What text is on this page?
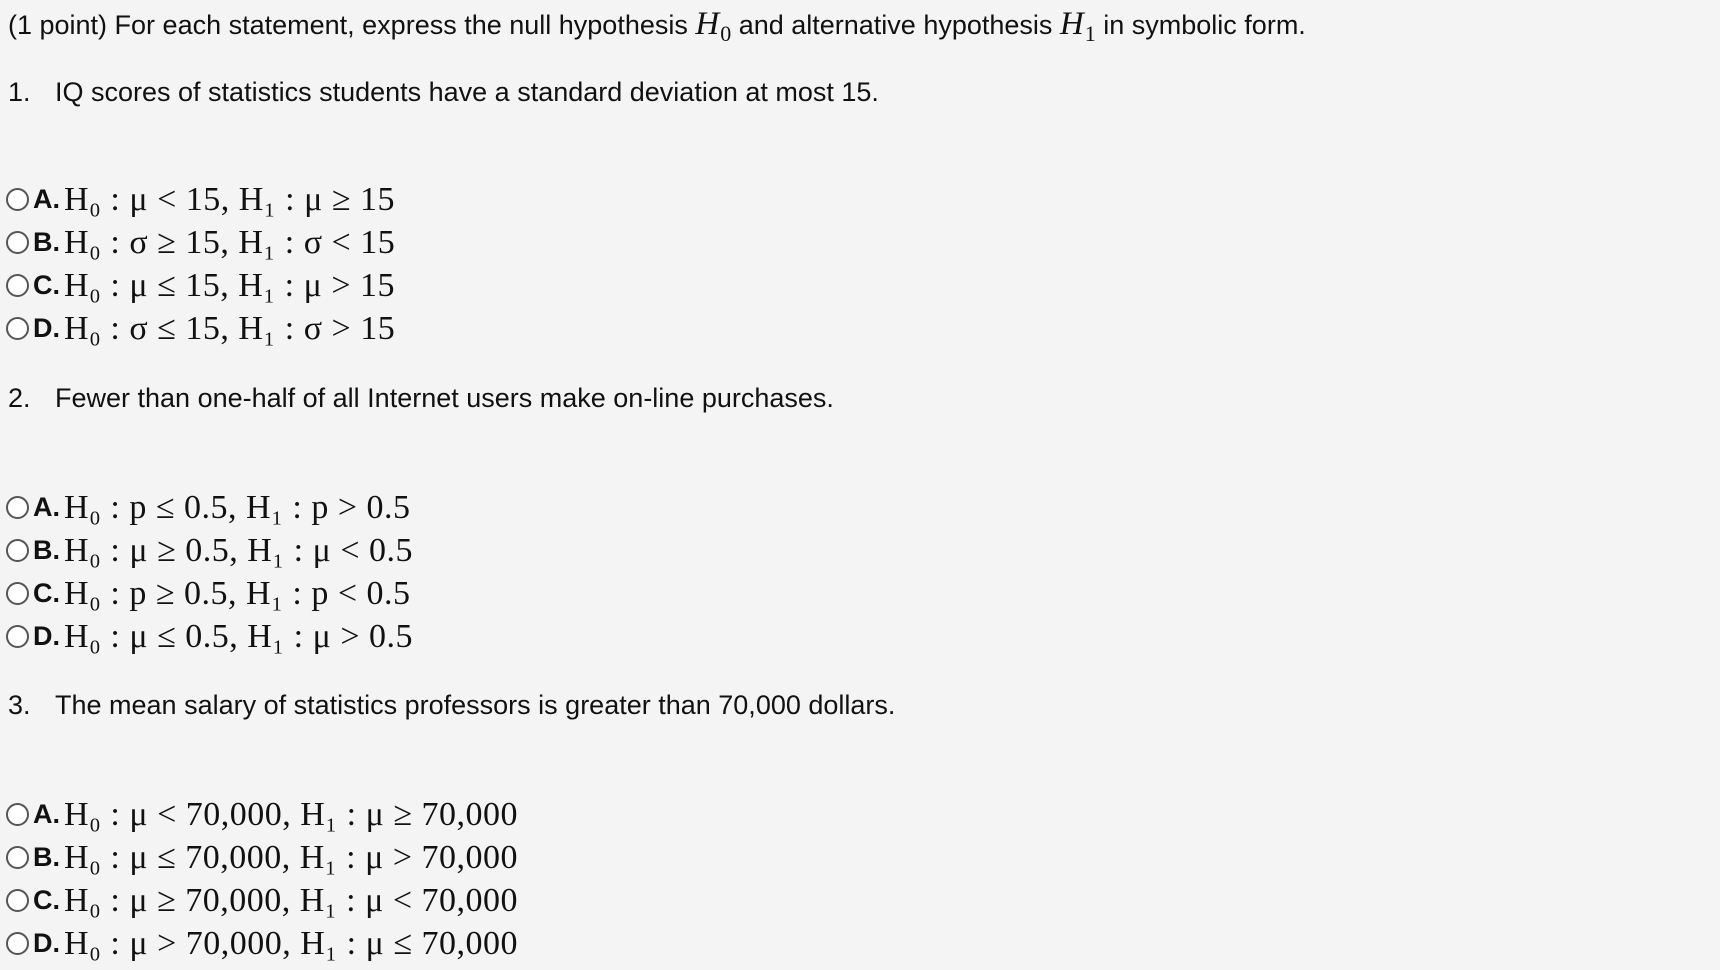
(1 point) For each statement, express the null hypothesis $H_0$ and alternative hypothesis $H_1$ in symbolic form.
1. IQ scores of statistics students have a standard deviation at most 15.
A. H₀ : μ < 15, H₁ : μ ≥ 15
B. H₀ : σ ≥ 15, H₁ : σ < 15
C. H₀ : μ ≤ 15, H₁ : μ > 15
D. H₀ : σ ≤ 15, H₁ : σ > 15
2. Fewer than one-half of all Internet users make on-line purchases.
A. H₀ : p ≤ 0.5, H₁ : p > 0.5
B. H₀ : μ ≥ 0.5, H₁ : μ < 0.5
C. H₀ : p ≥ 0.5, H₁ : p < 0.5
D. H₀ : μ ≤ 0.5, H₁ : μ > 0.5
3. The mean salary of statistics professors is greater than 70,000 dollars.
A. H₀ : μ < 70,000, H₁ : μ ≥ 70,000
B. H₀ : μ ≤ 70,000, H₁ : μ > 70,000
C. H₀ : μ ≥ 70,000, H₁ : μ < 70,000
D. H₀ : μ > 70,000, H₁ : μ ≤ 70,000
